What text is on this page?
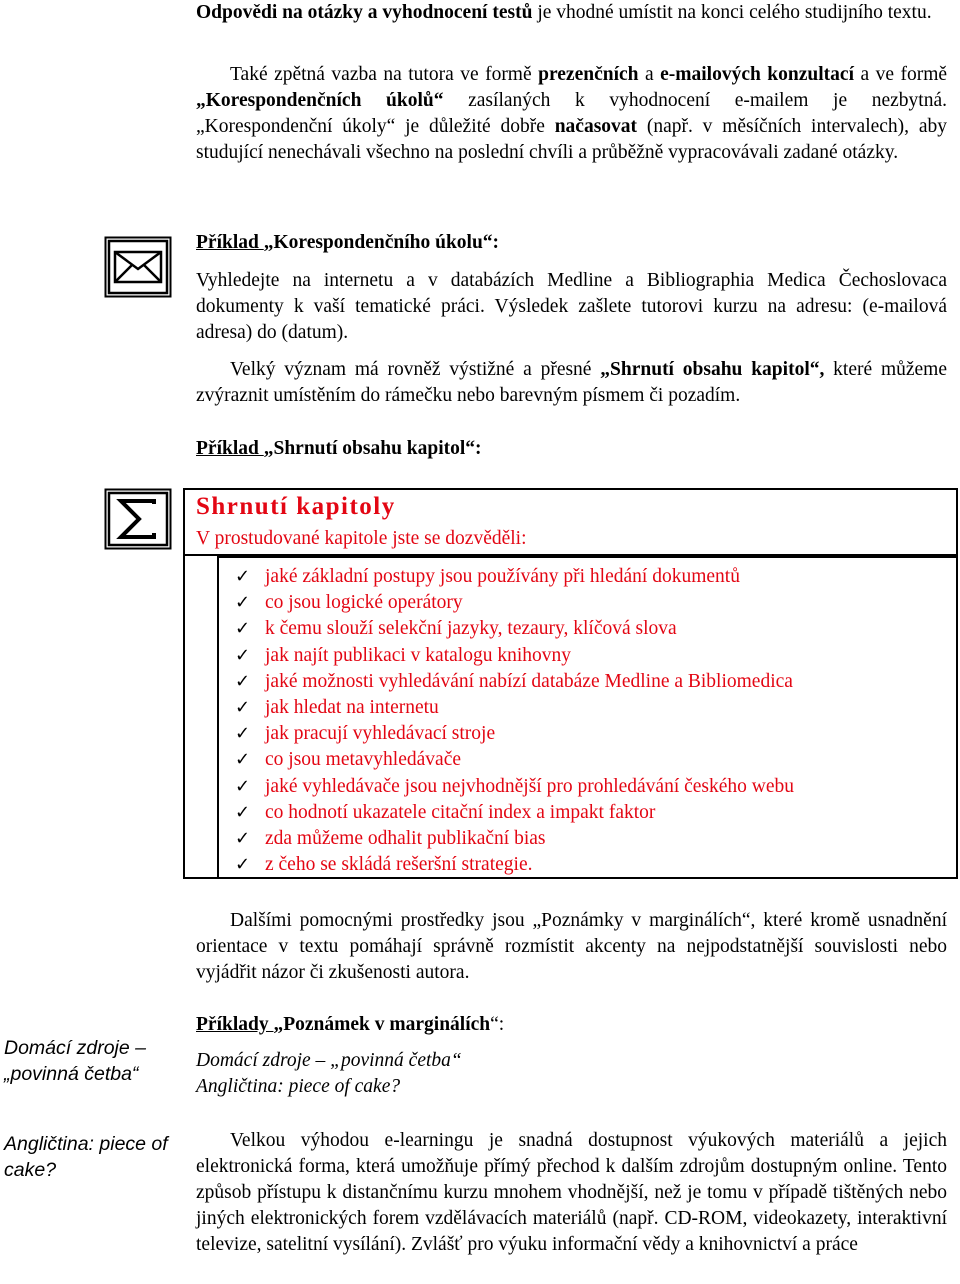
Odpovědi na otázky a vyhodnocení testů je vhodné umístit na konci celého studijního textu.

Také zpětná vazba na tutora ve formě prezenčních a e-mailových konzultací a ve formě „Korespondenčních úkolů“ zasílaných k vyhodnocení e-mailem je nezbytná. „Korespondenční úkoly“ je důležité dobře načasovat (např. v měsíčních intervalech), aby studující nenechávali všechno na poslední chvíli a průběžně vypracovávali zadané otázky.

Příklad „Korespondenčního úkolu“:

Vyhledejte na internetu a v databázích Medline a Bibliographia Medica Čechoslovaca dokumenty k vaší tematické práci. Výsledek zašlete tutorovi kurzu na adresu: (e-mailová adresa) do (datum).

Velký význam má rovněž výstižné a přesné „Shrnutí obsahu kapitol“, které můžeme zvýraznit umístěním do rámečku nebo barevným písmem či pozadím.

Příklad „Shrnutí obsahu kapitol“:

Shrnutí kapitoly
V prostudované kapitole jste se dozvěděli:
✓ jaké základní postupy jsou používány při hledání dokumentů
✓ co jsou logické operátory
✓ k čemu slouží selekční jazyky, tezaury, klíčová slova
✓ jak najít publikaci v katalogu knihovny
✓ jaké možnosti vyhledávání nabízí databáze Medline a Bibliomedica
✓ jak hledat na internetu
✓ jak pracují vyhledávací stroje
✓ co jsou metavyhledávače
✓ jaké vyhledávače jsou nejvhodnější pro prohledávání českého webu
✓ co hodnotí ukazatele citační index a impakt faktor
✓ zda můžeme odhalit publikační bias
✓ z čeho se skládá rešeršní strategie.

Dalšími pomocnými prostředky jsou „Poznámky v marginálích“, které kromě usnadnění orientace v textu pomáhají správně rozmístit akcenty na nejpodstatnější souvislosti nebo vyjádřit názor či zkušenosti autora.

Příklady „Poznámek v marginálích“:

Domácí zdroje – „povinná četba“

Angličtina: piece of cake?

Domácí zdroje – „povinná četba“
Angličtina: piece of cake?

Velkou výhodou e-learningu je snadná dostupnost výukových materiálů a jejich elektronická forma, která umožňuje přímý přechod k dalším zdrojům dostupným online. Tento způsob přístupu k distančnímu kurzu mnohem vhodnější, než je tomu v případě tištěných nebo jiných elektronických forem vzdělávacích materiálů (např. CD-ROM, videokazety, interaktivní televize, satelitní vysílání). Zvlášť pro výuku informační vědy a knihovnictví a práce
